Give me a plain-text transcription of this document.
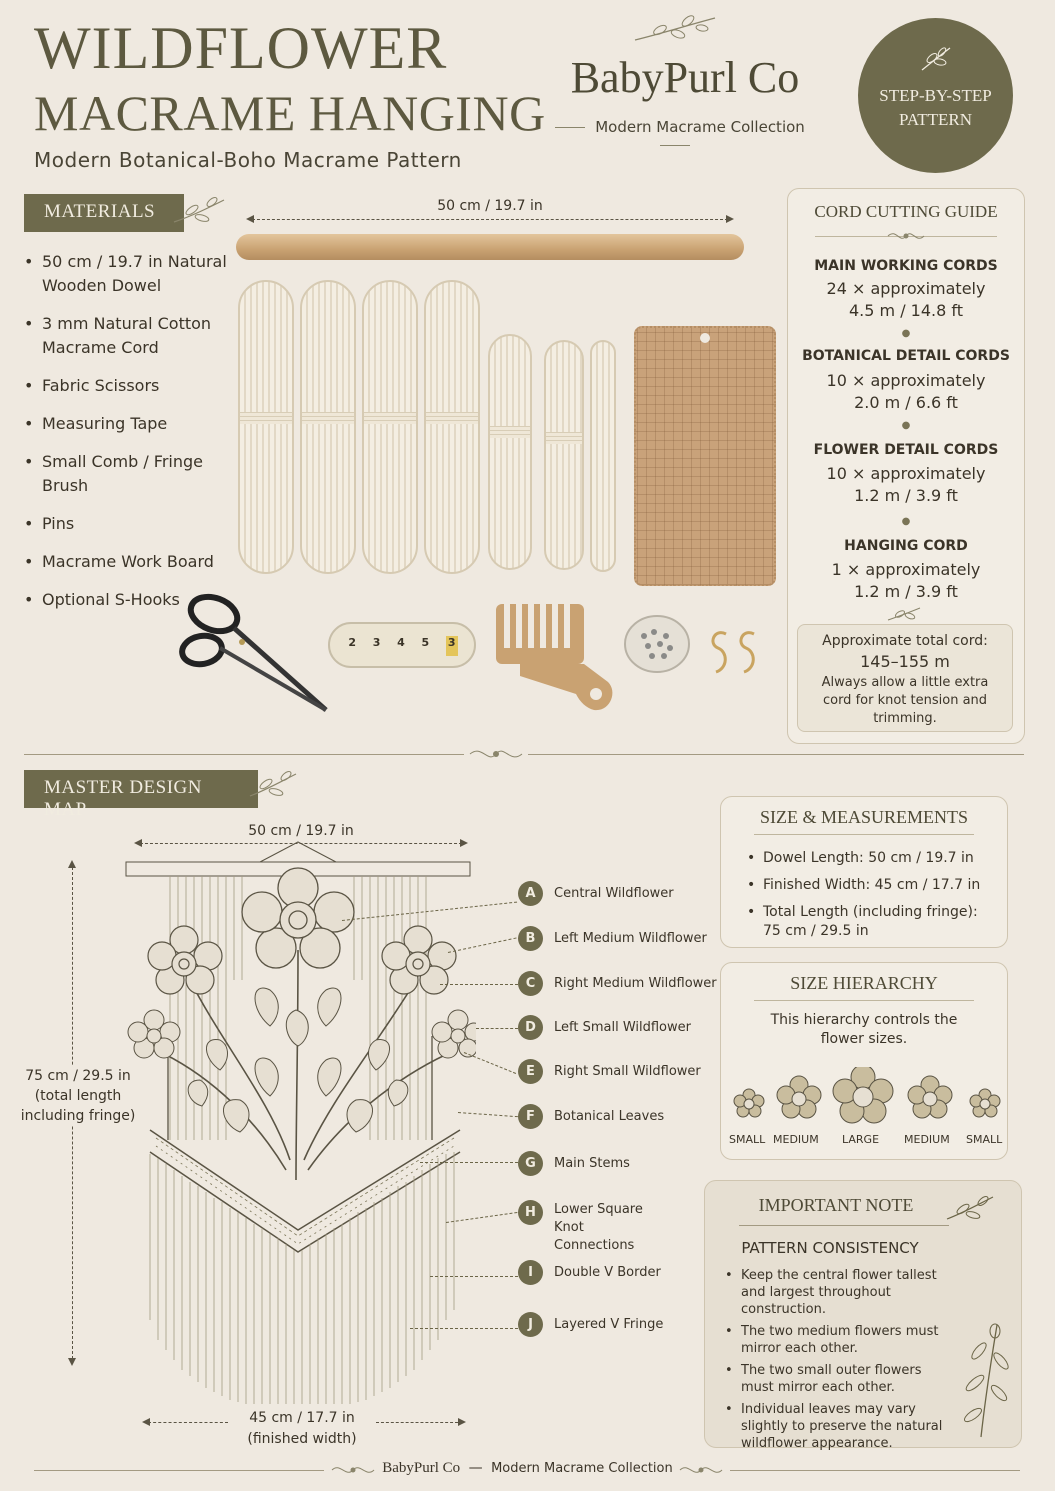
WILDFLOWER
MACRAME HANGING
Modern Botanical-Boho Macrame Pattern
BabyPurl Co
Modern Macrame Collection
STEP-BY-STEP
PATTERN
MATERIALS
• 50 cm / 19.7 in Natural Wooden Dowel
• 3 mm Natural Cotton Macrame Cord
• Fabric Scissors
• Measuring Tape
• Small Comb / Fringe Brush
• Pins
• Macrame Work Board
• Optional S-Hooks
50 cm / 19.7 in
2 3 4 5 3
CORD CUTTING GUIDE
MAIN WORKING CORDS
24 × approximately
4.5 m / 14.8 ft
●
BOTANICAL DETAIL CORDS
10 × approximately
2.0 m / 6.6 ft
●
FLOWER DETAIL CORDS
10 × approximately
1.2 m / 3.9 ft
●
HANGING CORD
1 × approximately
1.2 m / 3.9 ft
Approximate total cord:
145–155 m
Always allow a little extra cord for knot tension and trimming.
MASTER DESIGN MAP
50 cm / 19.7 in
75 cm / 29.5 in
(total length including fringe)
45 cm / 17.7 in
(finished width)
A	Central Wildflower
B	Left Medium Wildflower
C	Right Medium Wildflower
D	Left Small Wildflower
E	Right Small Wildflower
F	Botanical Leaves
G	Main Stems
H	Lower Square Knot Connections
I	Double V Border
J	Layered V Fringe
SIZE & MEASUREMENTS
• Dowel Length: 50 cm / 19.7 in
• Finished Width: 45 cm / 17.7 in
• Total Length (including fringe): 75 cm / 29.5 in
SIZE HIERARCHY
This hierarchy controls the flower sizes.
SMALL MEDIUM LARGE MEDIUM SMALL
IMPORTANT NOTE
PATTERN CONSISTENCY
• Keep the central flower tallest and largest throughout construction.
• The two medium flowers must mirror each other.
• The two small outer flowers must mirror each other.
• Individual leaves may vary slightly to preserve the natural wildflower appearance.
BabyPurl Co — Modern Macrame Collection
